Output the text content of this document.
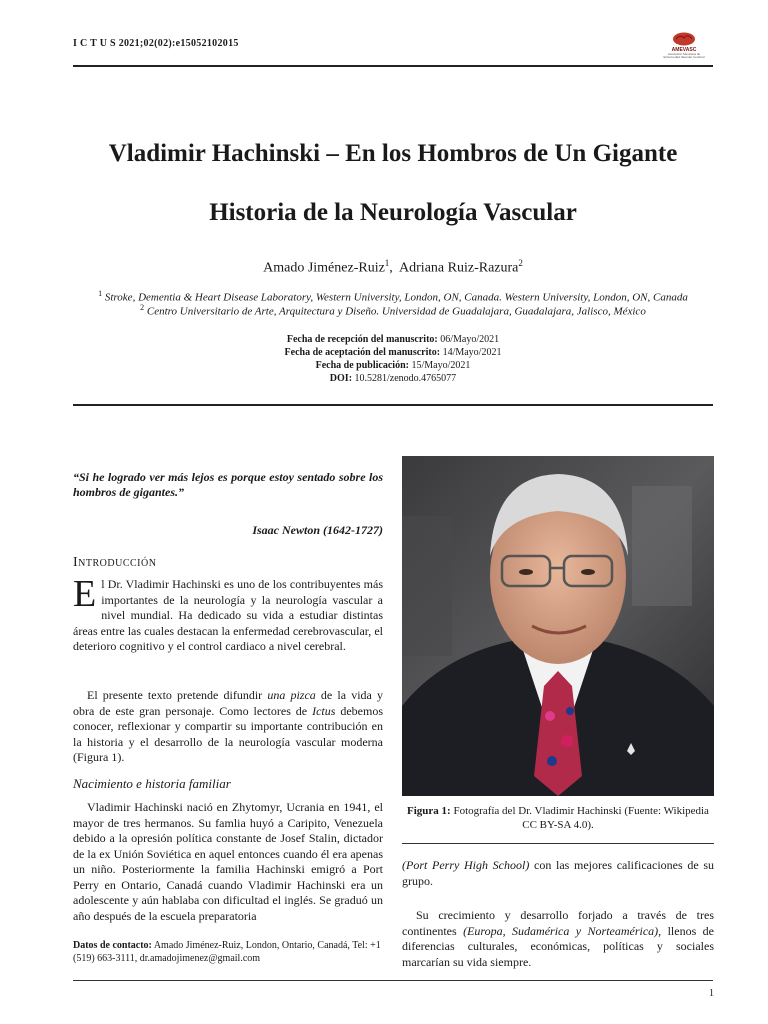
I C T U S 2021;02(02):e15052102015
AMEVASC
Asociación Mexicana de Enfermedad Vascular Cerebral
Vladimir Hachinski – En los Hombros de Un Gigante
Historia de la Neurología Vascular
Amado Jiménez-Ruiz$^1$,  Adriana Ruiz-Razura$^2$
$^1$ Stroke, Dementia & Heart Disease Laboratory, Western University, London, ON, Canada. Western University, London, ON, Canada
$^2$ Centro Universitario de Arte, Arquitectura y Diseño. Universidad de Guadalajara, Guadalajara, Jalisco, México
Fecha de recepción del manuscrito: 06/Mayo/2021
Fecha de aceptación del manuscrito: 14/Mayo/2021
Fecha de publicación: 15/Mayo/2021
DOI: 10.5281/zenodo.4765077
“Si he logrado ver más lejos es porque estoy sentado sobre los hombros de gigantes.”
Isaac Newton (1642-1727)
Introducción
El Dr. Vladimir Hachinski es uno de los contribuyentes más importantes de la neurología y la neurología vascular a nivel mundial. Ha dedicado su vida a estudiar distintas áreas entre las cuales destacan la enfermedad cerebrovascular, el deterioro cognitivo y el control cardiaco a nivel cerebral.
El presente texto pretende difundir una pizca de la vida y obra de este gran personaje. Como lectores de Ictus debemos conocer, reflexionar y compartir su importante contribución en la historia y el desarrollo de la neurología vascular moderna (Figura 1).
Nacimiento e historia familiar
Vladimir Hachinski nació en Zhytomyr, Ucrania en 1941, el mayor de tres hermanos. Su famlia huyó a Caripito, Venezuela debido a la opresión política constante de Josef Stalin, dictador de la ex Unión Soviética en aquel entonces cuando él era apenas un niño. Posteriormente la familia Hachinski emigró a Port Perry en Ontario, Canadá cuando Vladimir Hachinski era un adolescente y aún hablaba con dificultad el inglés. Se graduó un año después de la escuela preparatoria
Figura 1: Fotografía del Dr. Vladimir Hachinski (Fuente: Wikipedia CC BY-SA 4.0).
(Port Perry High School) con las mejores calificaciones de su grupo.
Su crecimiento y desarrollo forjado a través de tres continentes (Europa, Sudamérica y Norteamérica), llenos de diferencias culturales, económicas, políticas y sociales marcarían su vida siempre.
Datos de contacto: Amado Jiménez-Ruiz, London, Ontario, Canadá, Tel: +1 (519) 663-3111, dr.amadojimenez@gmail.com
1
